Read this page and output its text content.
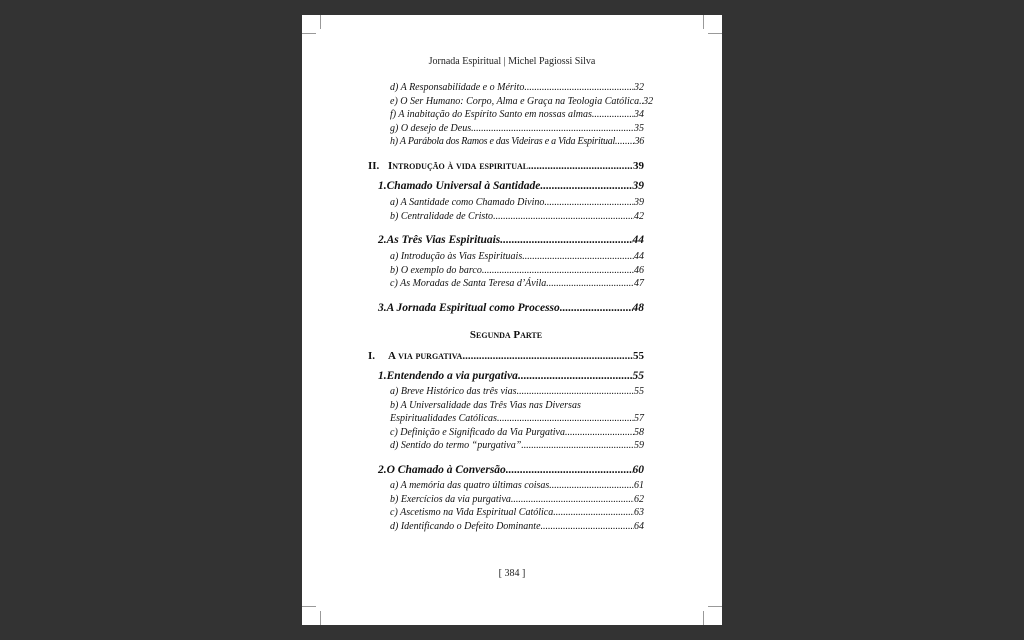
Jornada Espiritual | Michel Pagiossi Silva
d) A Responsabilidade e o Mérito .....	32
e) O Ser Humano: Corpo, Alma e Graça na Teologia Católica ..... 32
f) A inabitação do Espírito Santo em nossas almas .....	34
g) O desejo de Deus .....	35
h) A Parábola dos Ramos e das Videiras e a Vida Espiritual ..... 36
II. Introdução à vida espiritual .....	39
1.Chamado Universal à Santidade .....	39
a) A Santidade como Chamado Divino .....	39
b) Centralidade de Cristo .....	42
2.As Três Vias Espirituais .....	44
a) Introdução às Vias Espirituais .....	44
b) O exemplo do barco .....	46
c) As Moradas de Santa Teresa d’Ávila .....	47
3.A Jornada Espiritual como Processo .....	48
Segunda Parte
I. A via purgativa .....	55
1.Entendendo a via purgativa .....	55
a) Breve Histórico das três vias .....	55
b) A Universalidade das Três Vias nas Diversas
Espiritualidades Católicas .....	57
c) Definição e Significado da Via Purgativa .....	58
d) Sentido do termo “purgativa” .....	59
2.O Chamado à Conversão .....	60
a) A memória das quatro últimas coisas .....	61
b) Exercícios da via purgativa .....	62
c) Ascetismo na Vida Espiritual Católica .....	63
d) Identificando o Defeito Dominante .....	64
[ 384 ]
